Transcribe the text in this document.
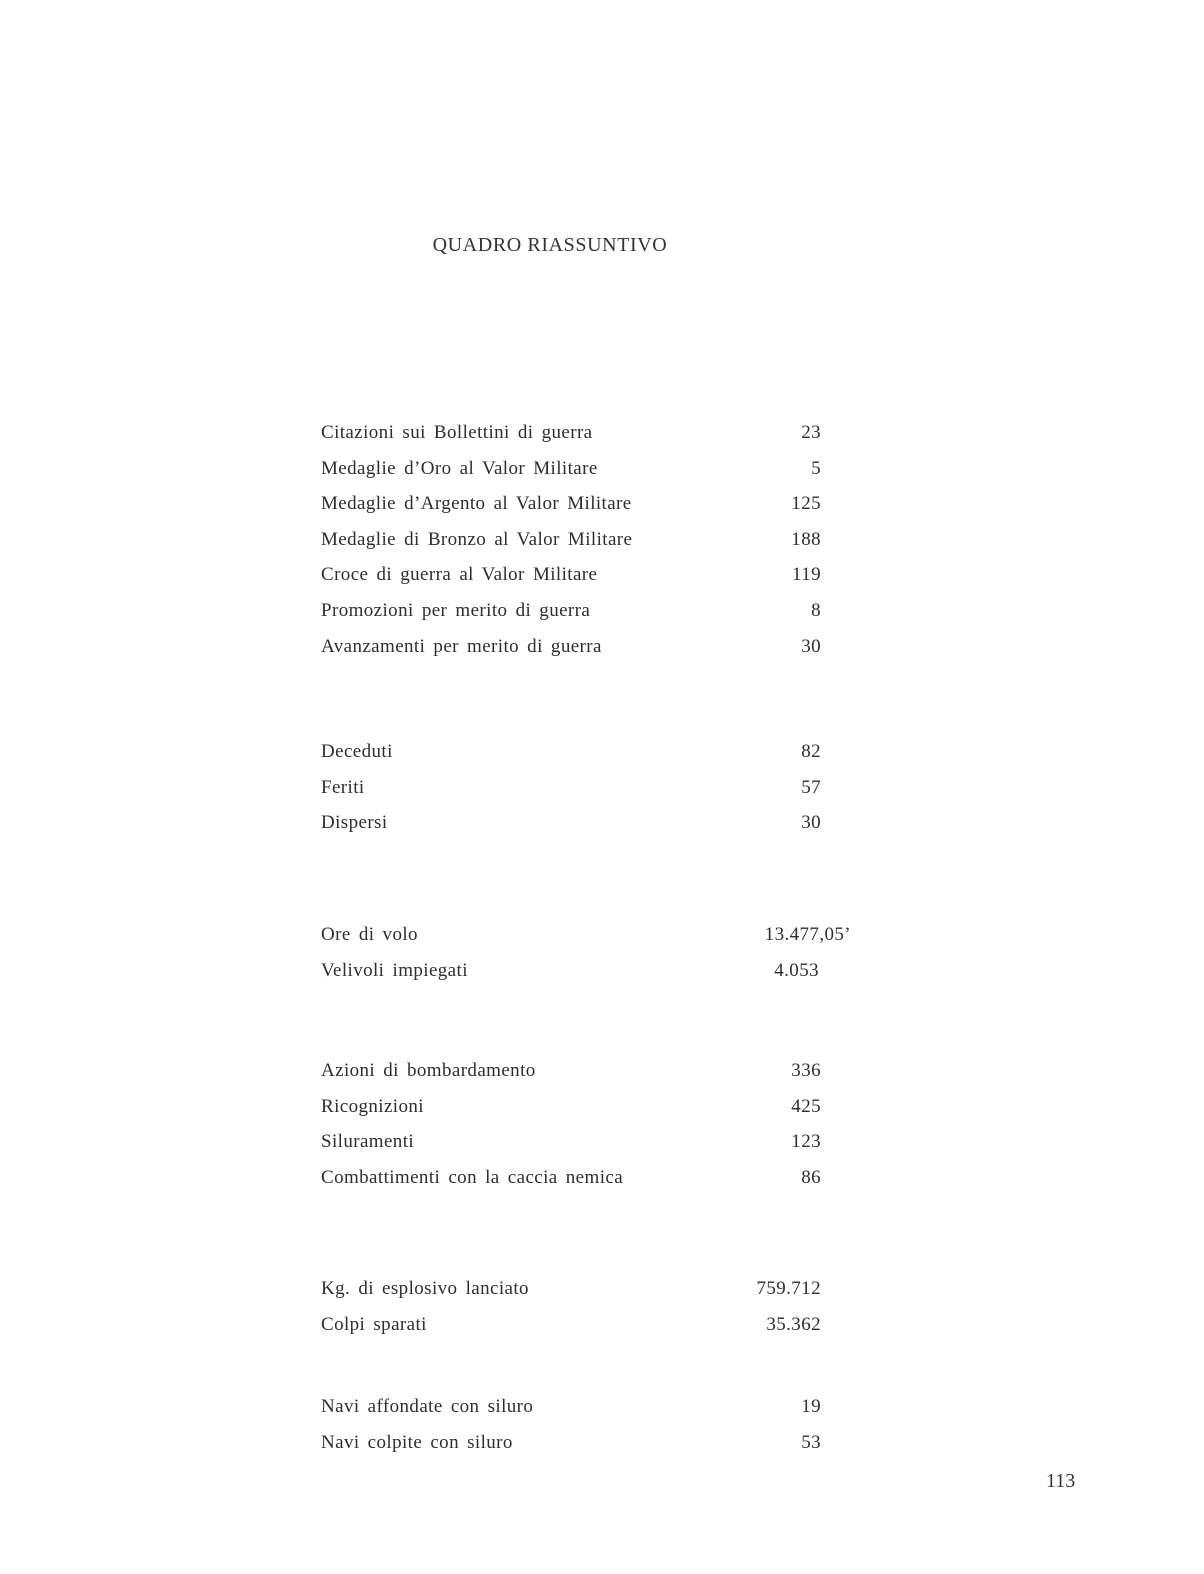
QUADRO RIASSUNTIVO
Citazioni sui Bollettini di guerra	23
Medaglie d’Oro al Valor Militare	5
Medaglie d’Argento al Valor Militare	125
Medaglie di Bronzo al Valor Militare	188
Croce di guerra al Valor Militare	119
Promozioni per merito di guerra	8
Avanzamenti per merito di guerra	30
Deceduti	82
Feriti	57
Dispersi	30
Ore di volo	13.477,05’
Velivoli impiegati	4.053
Azioni di bombardamento	336
Ricognizioni	425
Siluramenti	123
Combattimenti con la caccia nemica	86
Kg. di esplosivo lanciato	759.712
Colpi sparati	35.362
Navi affondate con siluro	19
Navi colpite con siluro	53
113
